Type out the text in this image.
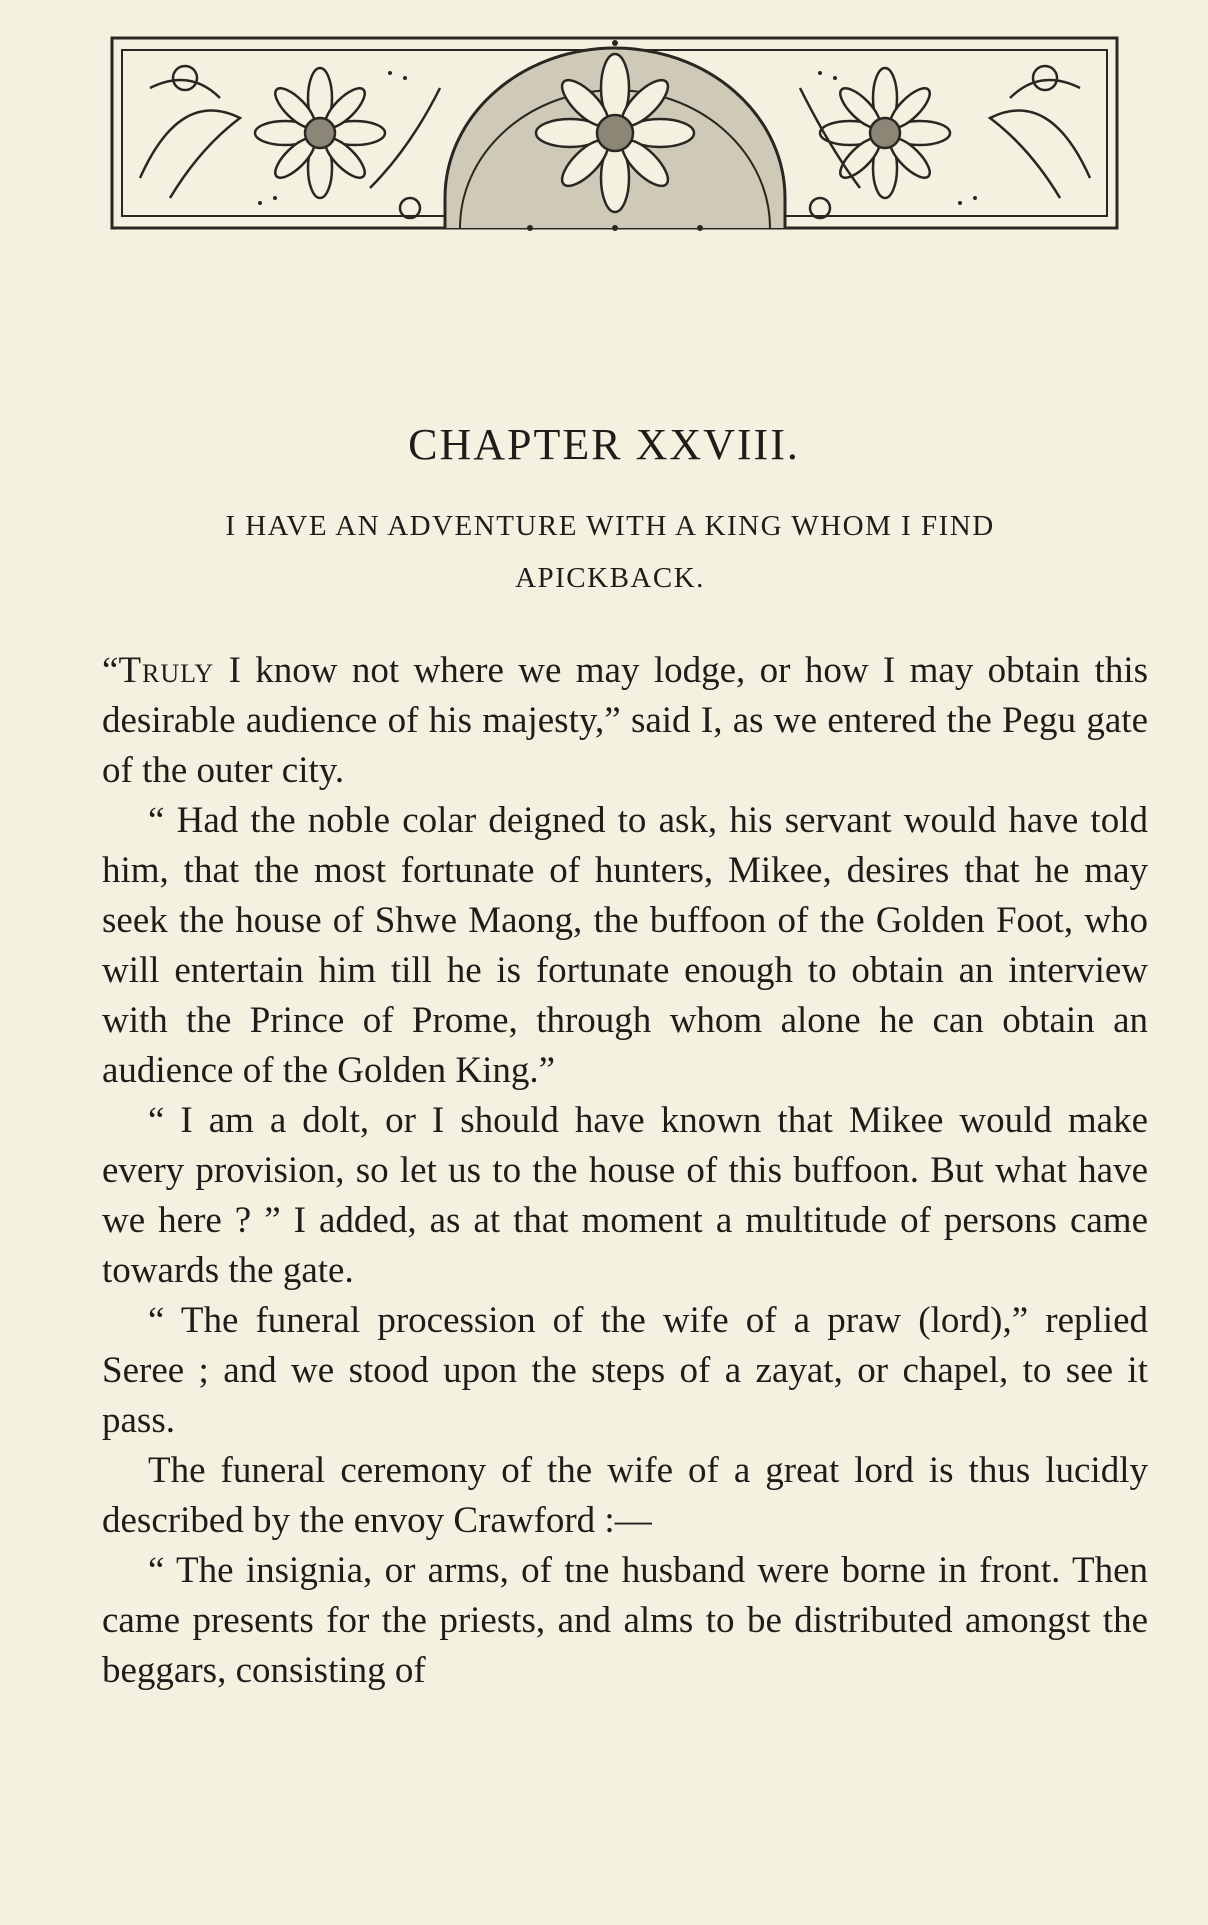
CHAPTER XXVIII.
I HAVE AN ADVENTURE WITH A KING WHOM I FIND APICKBACK.

“Truly I know not where we may lodge, or how I may obtain this desirable audience of his majesty,” said I, as we entered the Pegu gate of the outer city.

“ Had the noble colar deigned to ask, his servant would have told him, that the most fortunate of hunters, Mikee, desires that he may seek the house of Shwe Maong, the buffoon of the Golden Foot, who will entertain him till he is fortunate enough to obtain an interview with the Prince of Prome, through whom alone he can obtain an audience of the Golden King.”

“ I am a dolt, or I should have known that Mikee would make every provision, so let us to the house of this buffoon. But what have we here ? ” I added, as at that moment a multitude of persons came towards the gate.

“ The funeral procession of the wife of a praw (lord),” replied Seree ; and we stood upon the steps of a zayat, or chapel, to see it pass.

The funeral ceremony of the wife of a great lord is thus lucidly described by the envoy Crawford :—

“ The insignia, or arms, of tne husband were borne in front. Then came presents for the priests, and alms to be distributed amongst the beggars, consisting of
